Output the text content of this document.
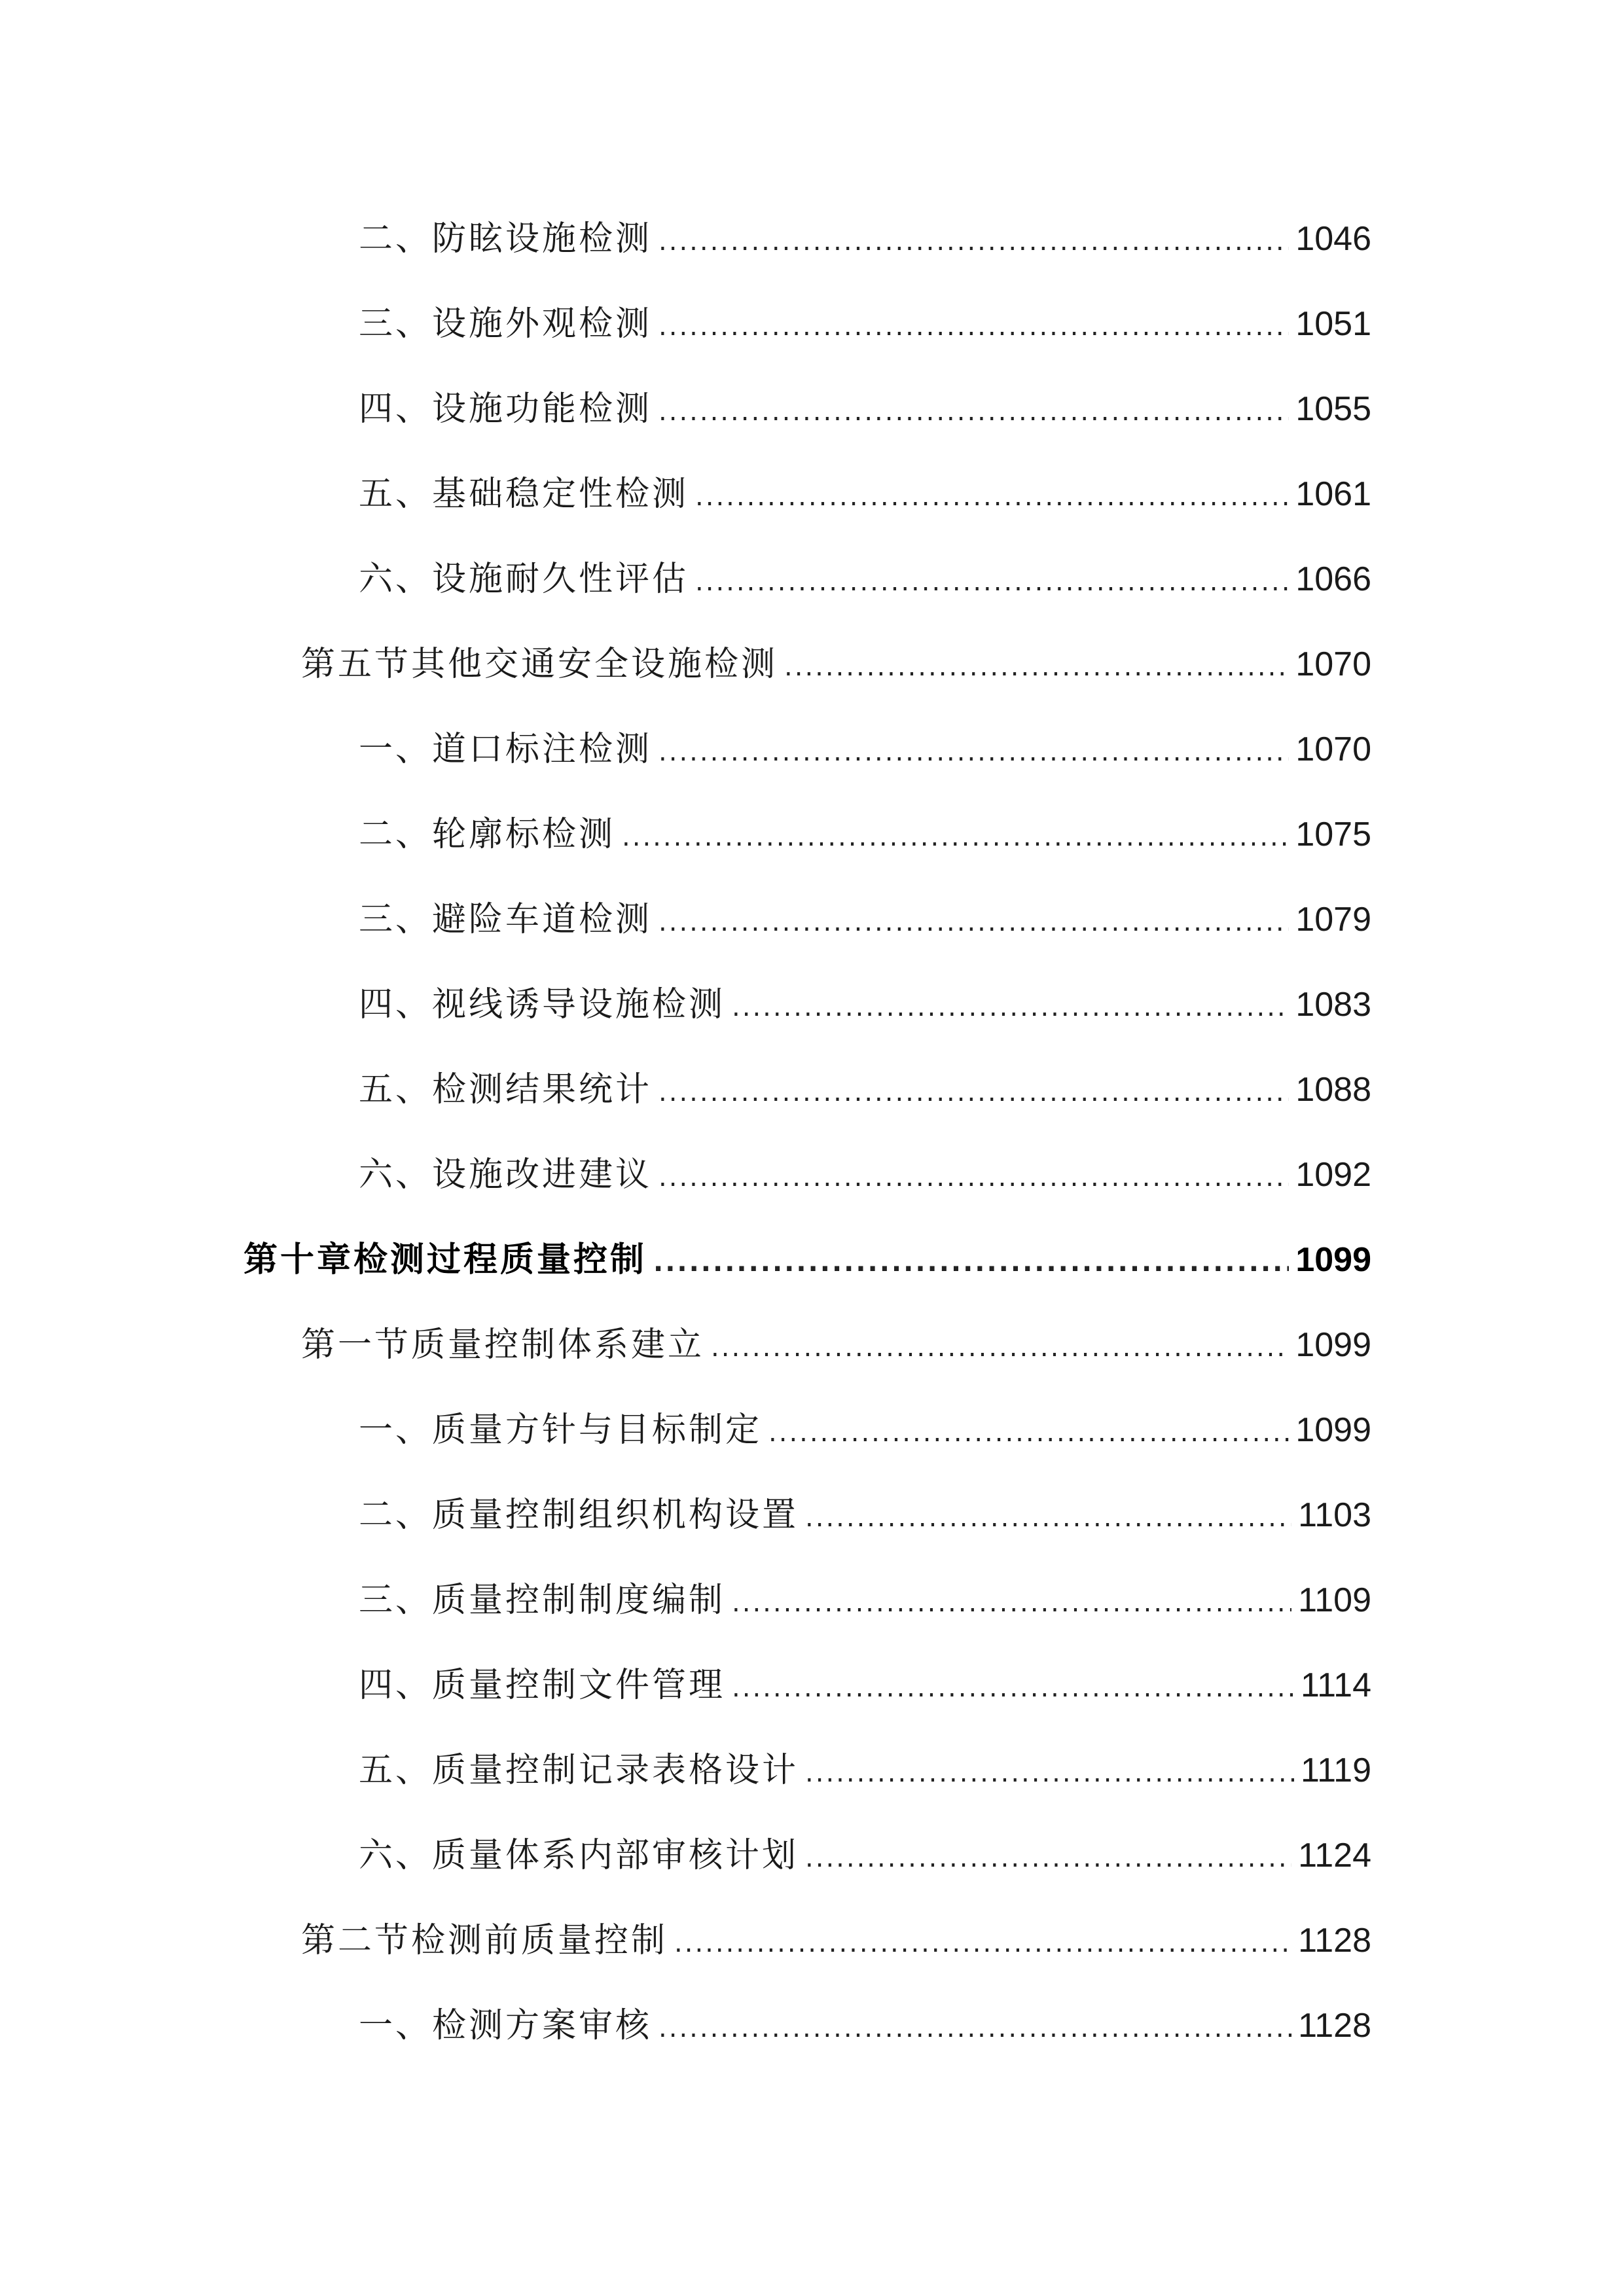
二、防眩设施检测 .....	1046
三、设施外观检测 .....	1051
四、设施功能检测 .....	1055
五、基础稳定性检测 .....	1061
六、设施耐久性评估 .....	1066
第五节其他交通安全设施检测 .....	1070
一、道口标注检测 .....	1070
二、轮廓标检测 .....	1075
三、避险车道检测 .....	1079
四、视线诱导设施检测 .....	1083
五、检测结果统计 .....	1088
六、设施改进建议 .....	1092
第十章检测过程质量控制 .....	1099
第一节质量控制体系建立 .....	1099
一、质量方针与目标制定 .....	1099
二、质量控制组织机构设置 .....	1103
三、质量控制制度编制 .....	1109
四、质量控制文件管理 .....	1114
五、质量控制记录表格设计 .....	1119
六、质量体系内部审核计划 .....	1124
第二节检测前质量控制 .....	1128
一、检测方案审核 .....	1128
